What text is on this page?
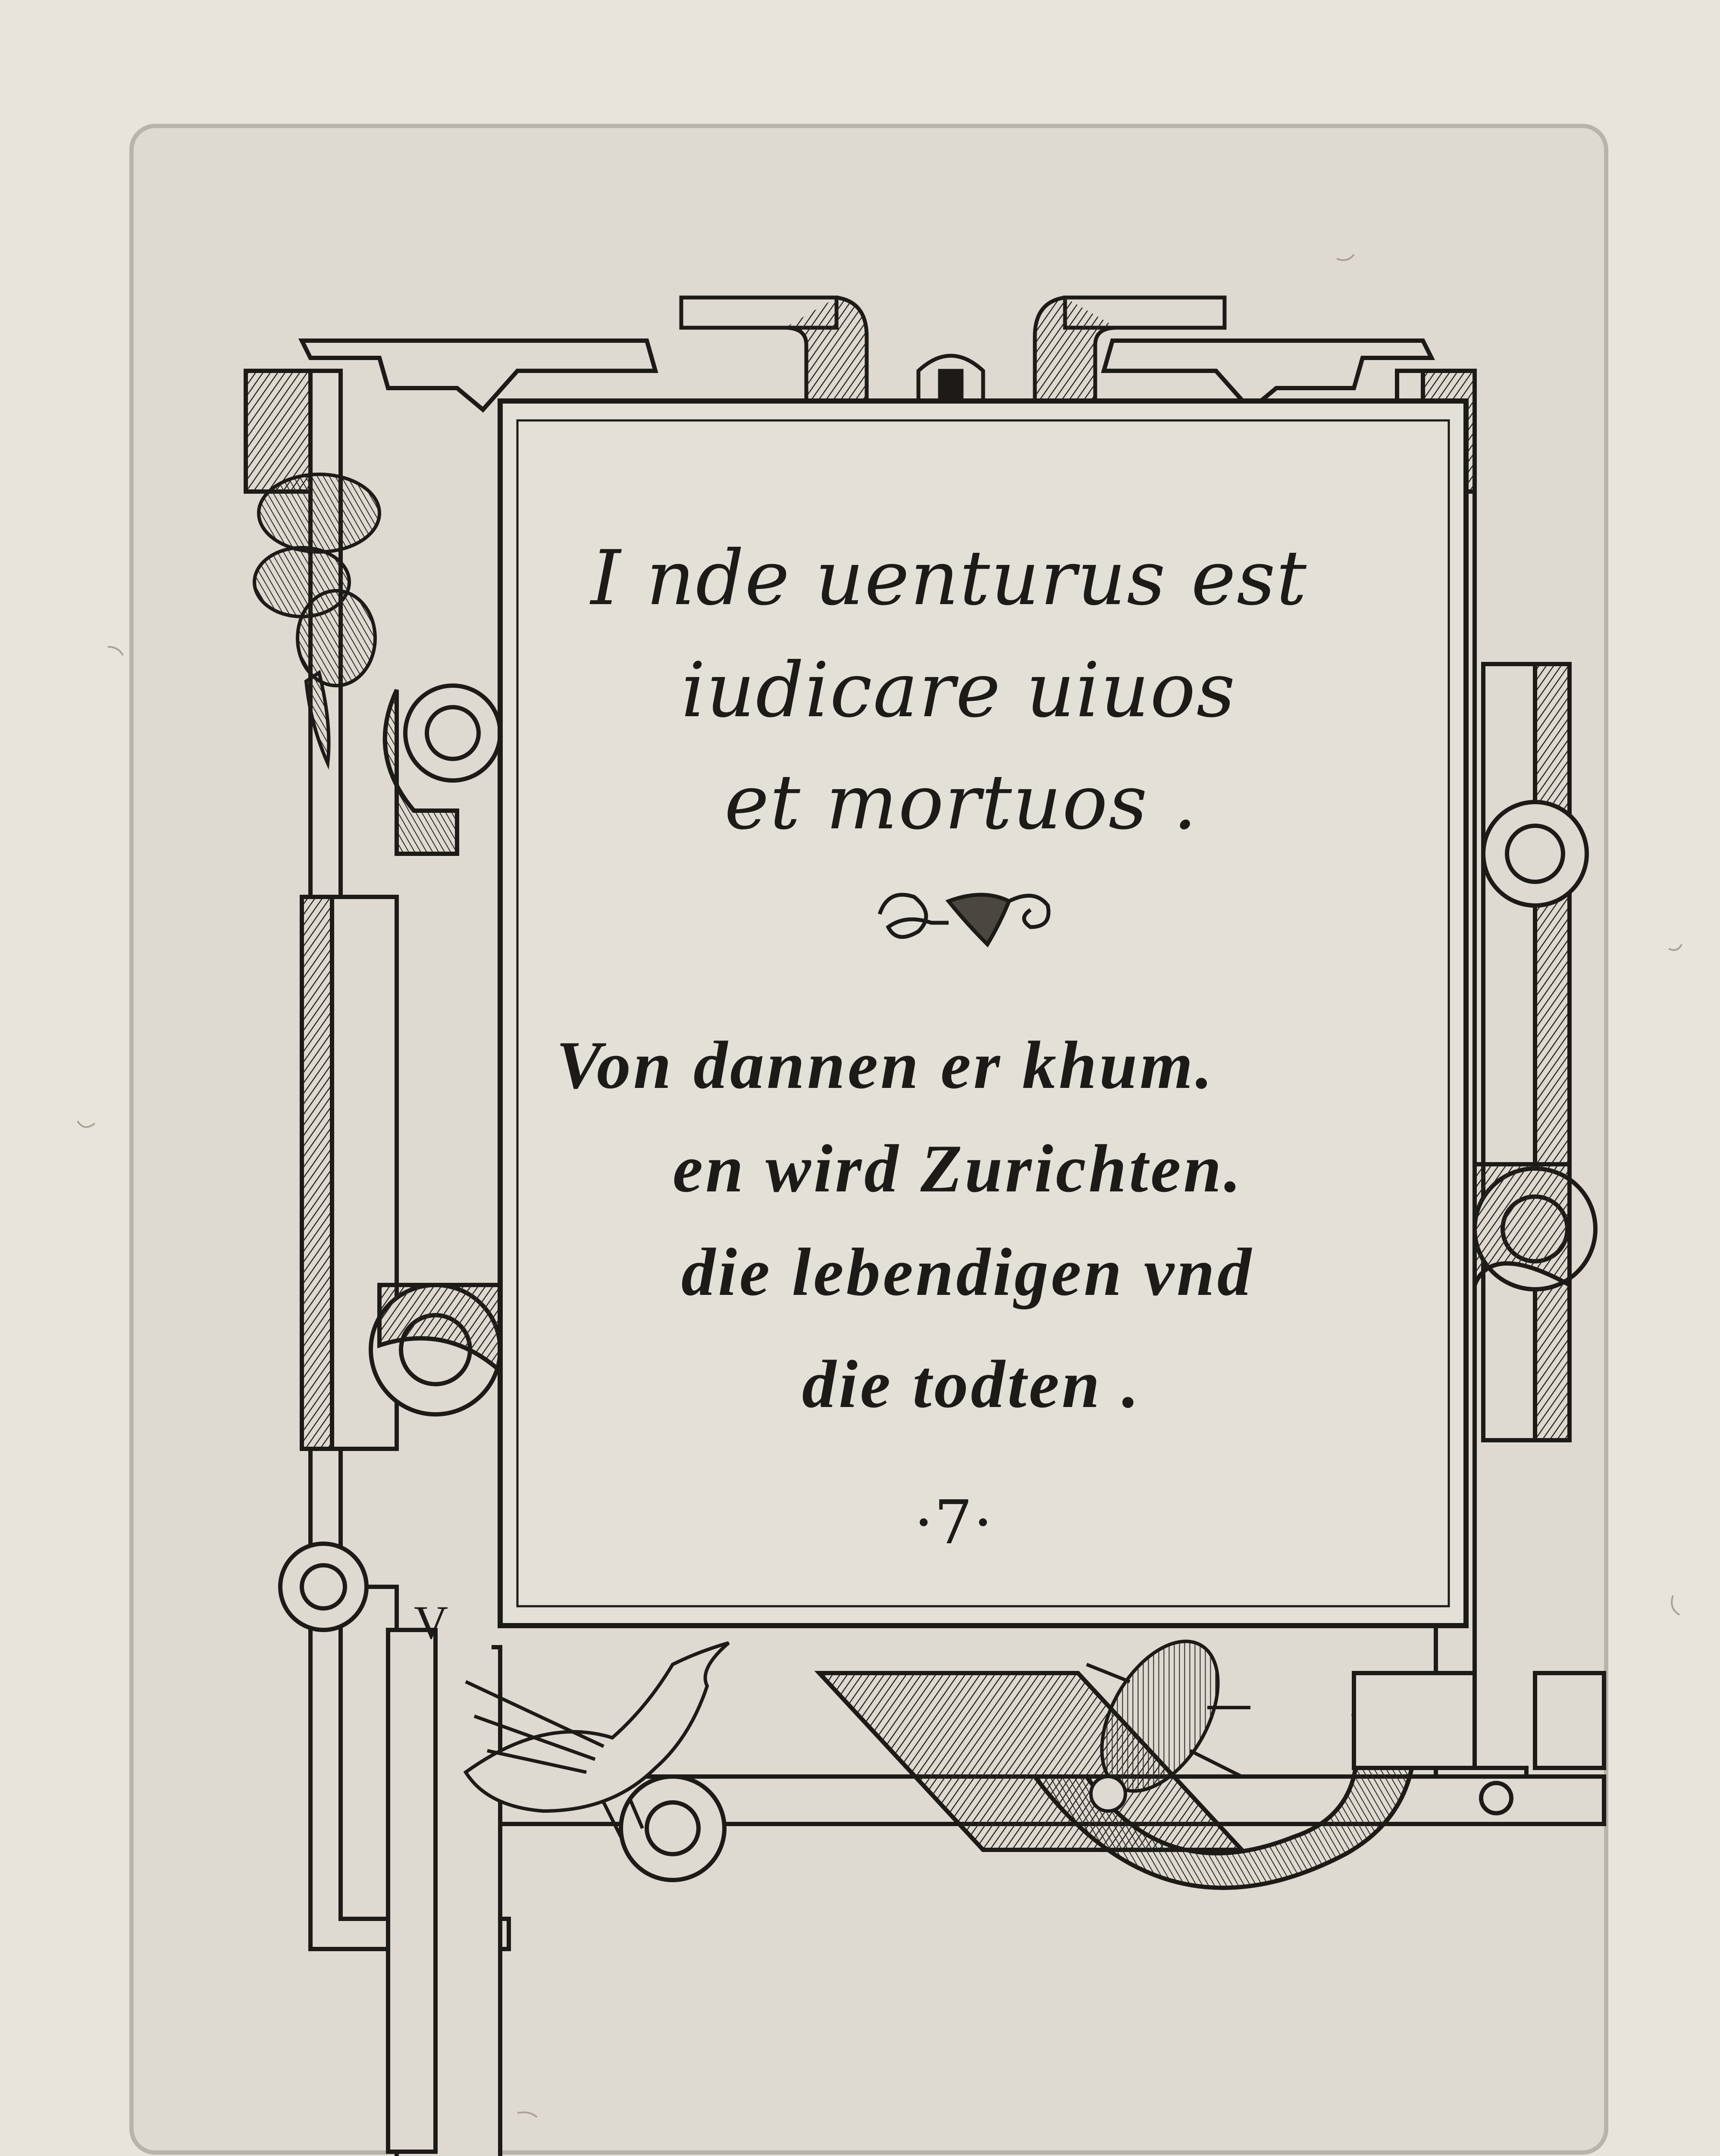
I nde uenturus est

iudicare uiuos

et mortuos .

Von dannen er khum.

en wird Zurichten.

die lebendigen vnd

die todten .

·7·

V
